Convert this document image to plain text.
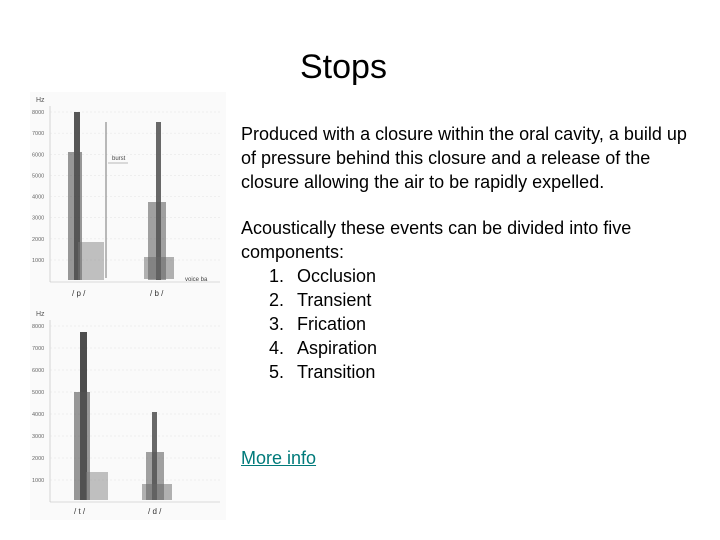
Stops
Hz
8000
7000
6000
5000
4000
3000
2000
1000
burst
voice ba
/ p /	/ b /
Hz
8000
7000
6000
5000
4000
3000
2000
1000
/ t /	/ d /

Produced with a closure within the oral cavity, a build up of pressure behind this closure and a release of the closure allowing the air to be rapidly expelled.

Acoustically these events can be divided into five components:
1. Occlusion
2. Transient
3. Frication
4. Aspiration
5. Transition
More info
